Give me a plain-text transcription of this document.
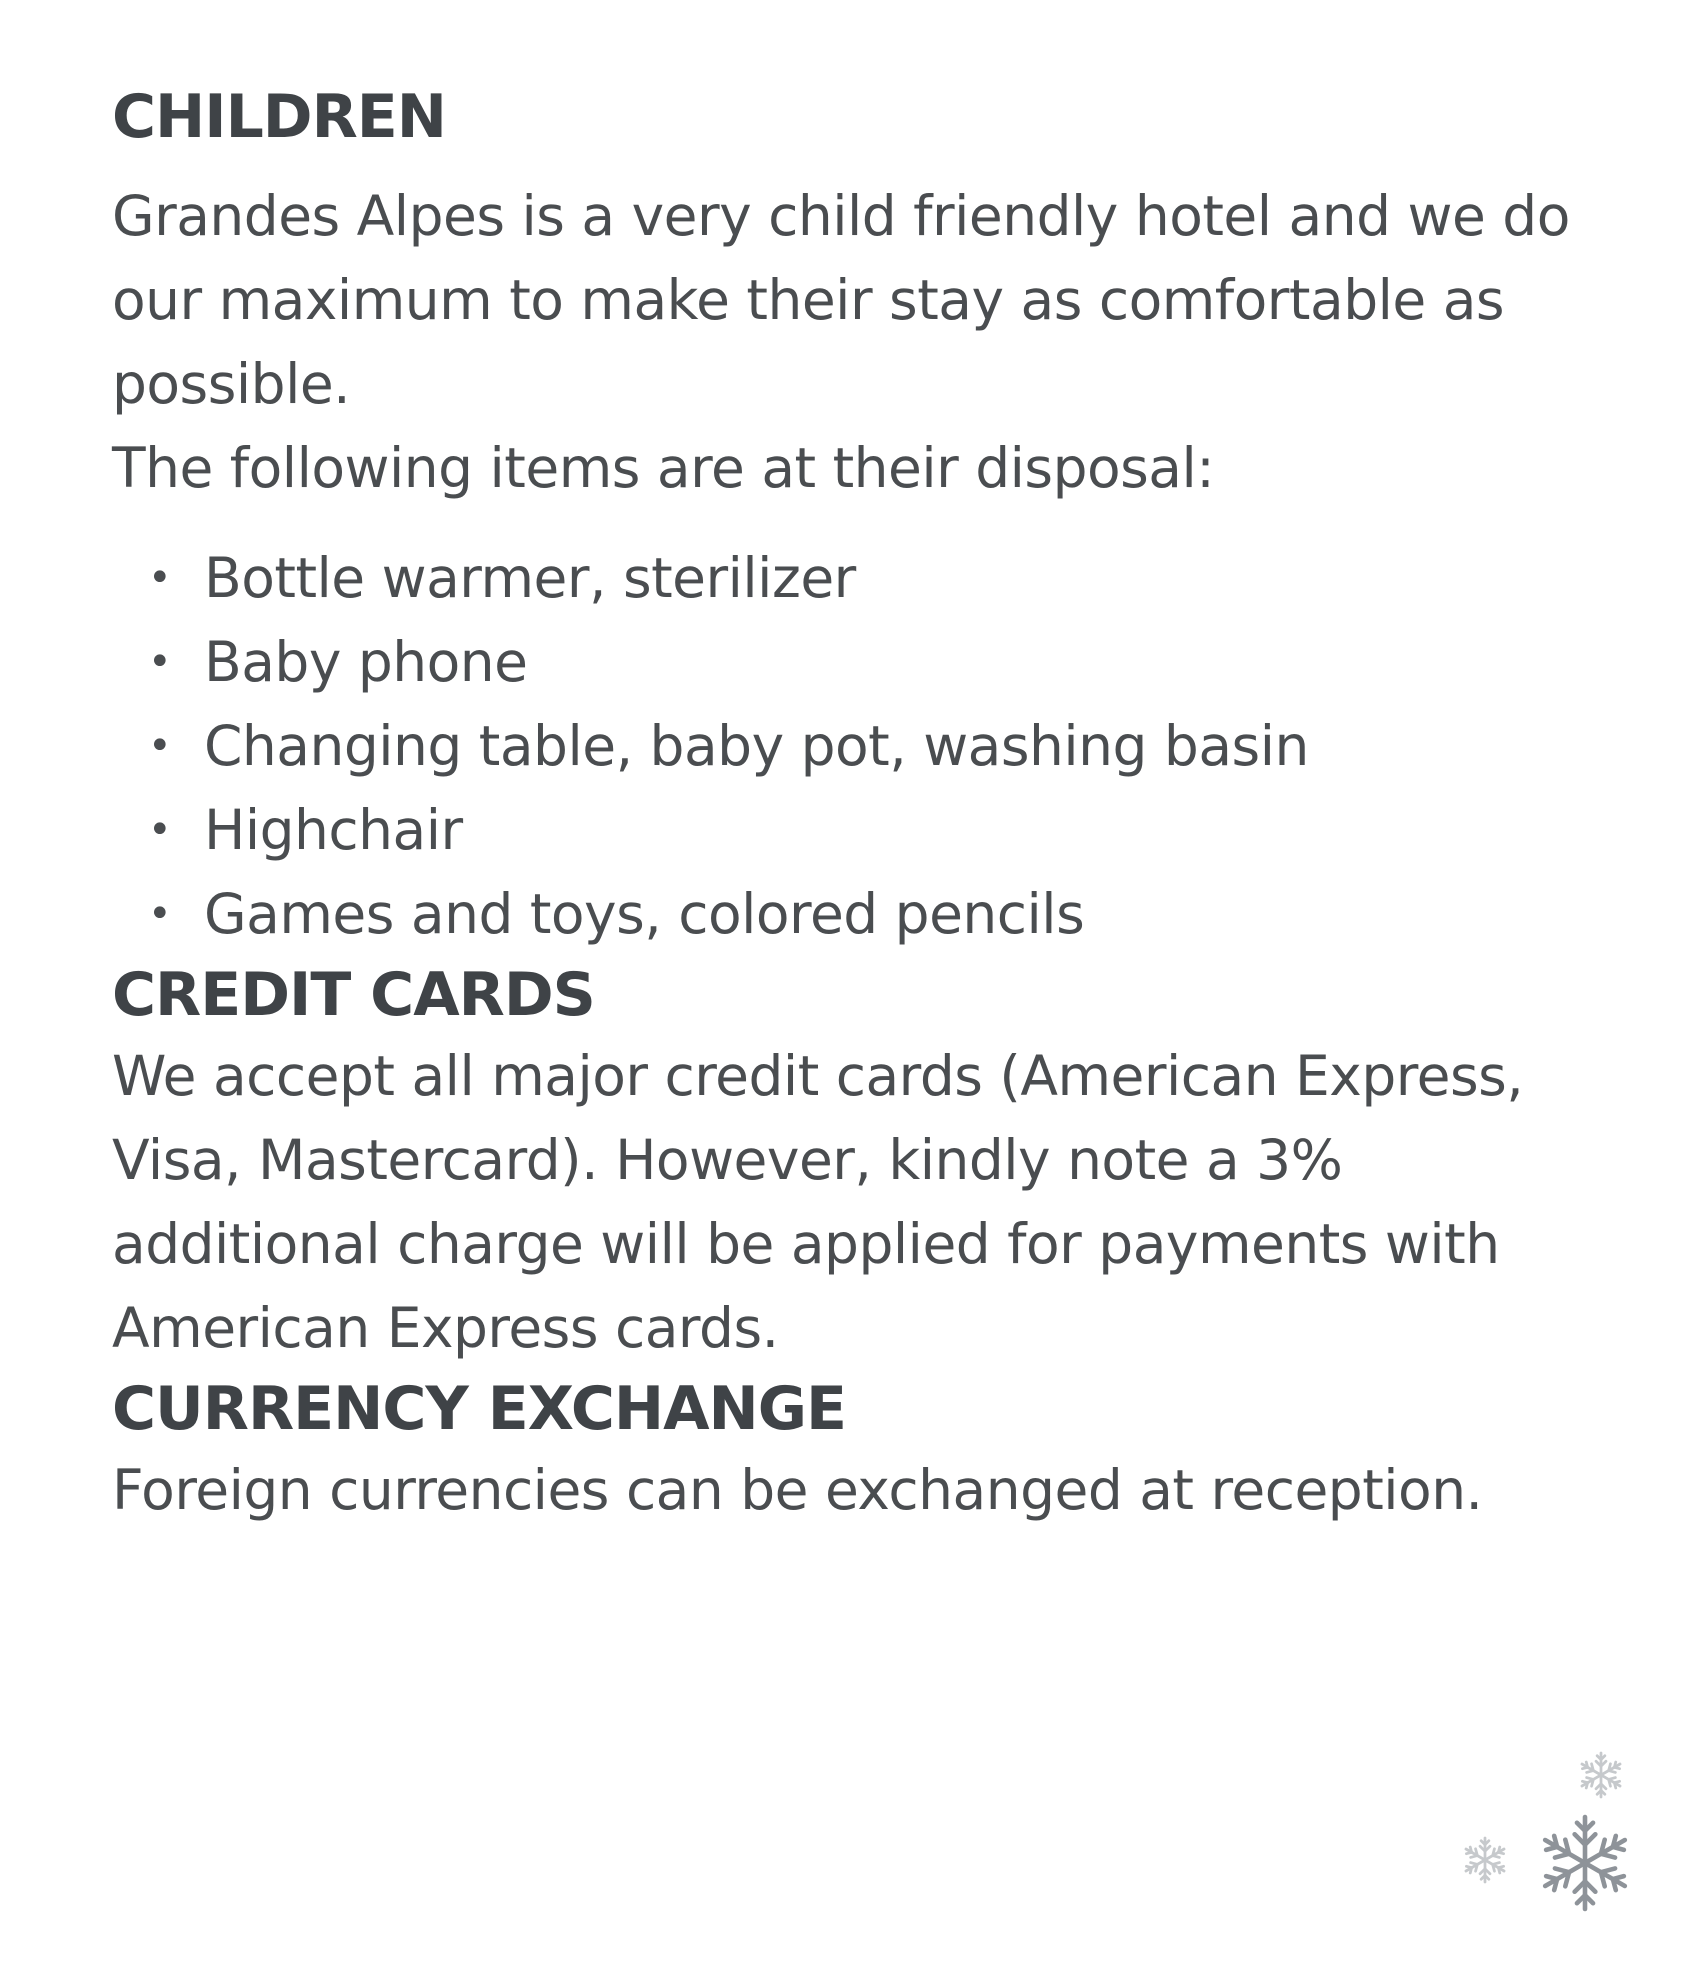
CHILDREN

Grandes Alpes is a very child friendly hotel and we do our maximum to make their stay as comfortable as possible.

The following items are at their disposal:

• Bottle warmer, sterilizer
• Baby phone
• Changing table, baby pot, washing basin
• Highchair
• Games and toys, colored pencils
CREDIT CARDS

We accept all major credit cards (American Express, Visa, Mastercard). However, kindly note a 3% additional charge will be applied for payments with American Express cards.

CURRENCY EXCHANGE

Foreign currencies can be exchanged at reception.
